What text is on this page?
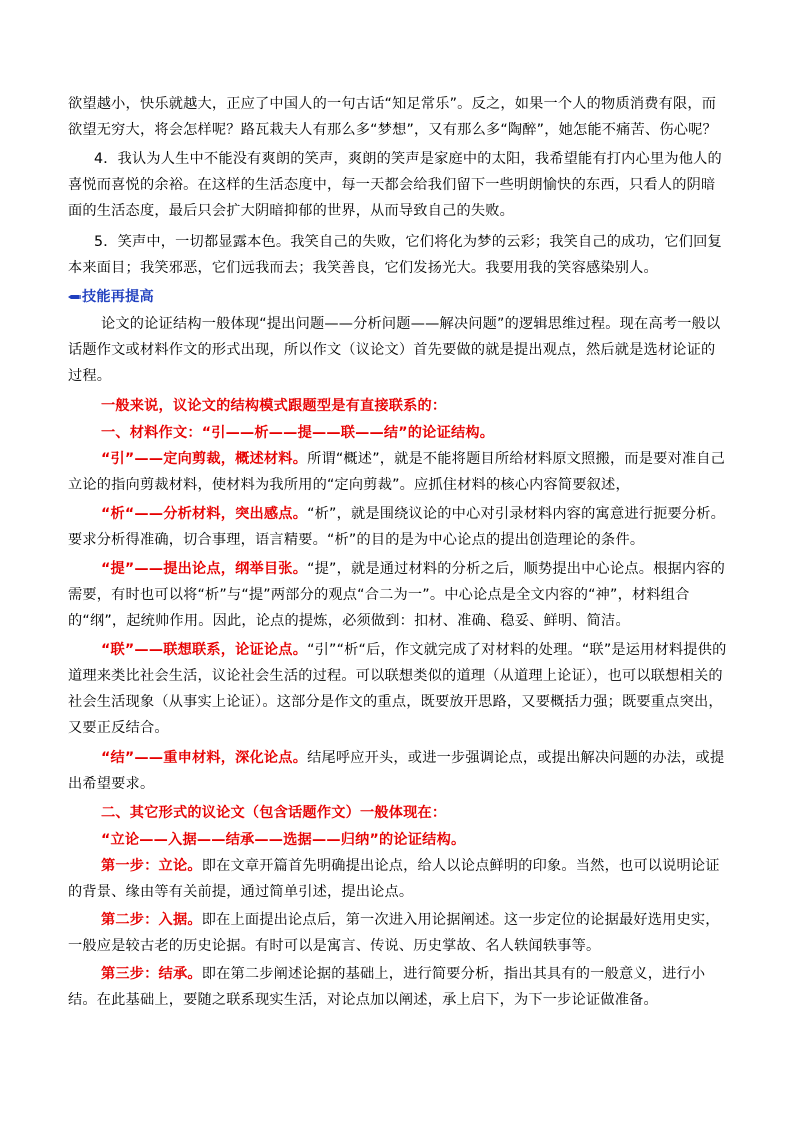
欲望越小，快乐就越大，正应了中国人的一句古话“知足常乐”。反之，如果一个人的物质消费有限，而欲望无穷大，将会怎样呢？路瓦栽夫人有那么多“梦想”，又有那么多“陶醉”，她怎能不痛苦、伤心呢？

4．我认为人生中不能没有爽朗的笑声，爽朗的笑声是家庭中的太阳，我希望能有打内心里为他人的喜悦而喜悦的余裕。在这样的生活态度中，每一天都会给我们留下一些明朗愉快的东西，只看人的阴暗面的生活态度，最后只会扩大阴暗抑郁的世界，从而导致自己的失败。

5．笑声中，一切都显露本色。我笑自己的失败，它们将化为梦的云彩；我笑自己的成功，它们回复本来面目；我笑邪恶，它们远我而去；我笑善良，它们发扬光大。我要用我的笑容感染别人。

技能再提高

论文的论证结构一般体现“提出问题——分析问题——解决问题”的逻辑思维过程。现在高考一般以话题作文或材料作文的形式出现，所以作文（议论文）首先要做的就是提出观点，然后就是选材论证的过程。

一般来说，议论文的结构模式跟题型是有直接联系的：

一、材料作文：“引——析——提——联——结”的论证结构。

“引”——定向剪裁，概述材料。所谓“概述”，就是不能将题目所给材料原文照搬，而是要对准自己立论的指向剪裁材料，使材料为我所用的“定向剪裁”。应抓住材料的核心内容简要叙述，

“析“——分析材料，突出感点。“析”，就是围绕议论的中心对引录材料内容的寓意进行扼要分析。要求分析得准确，切合事理，语言精要。“析”的目的是为中心论点的提出创造理论的条件。

“提”——提出论点，纲举目张。“提”，就是通过材料的分析之后，顺势提出中心论点。根据内容的需要，有时也可以将“析”与“提”两部分的观点“合二为一”。中心论点是全文内容的“神”，材料组合的“纲”，起统帅作用。因此，论点的提炼，必须做到：扣材、准确、稳妥、鲜明、简洁。

“联”——联想联系，论证论点。“引”“析“后，作文就完成了对材料的处理。“联”是运用材料提供的道理来类比社会生活，议论社会生活的过程。可以联想类似的道理（从道理上论证），也可以联想相关的社会生活现象（从事实上论证）。这部分是作文的重点，既要放开思路，又要概括力强；既要重点突出，又要正反结合。

“结”——重申材料，深化论点。结尾呼应开头，或进一步强调论点，或提出解决问题的办法，或提出希望要求。

二、其它形式的议论文（包含话题作文）一般体现在：

“立论——入据——结承——选据——归纳”的论证结构。

第一步：立论。即在文章开篇首先明确提出论点，给人以论点鲜明的印象。当然，也可以说明论证的背景、缘由等有关前提，通过简单引述，提出论点。

第二步：入据。即在上面提出论点后，第一次进入用论据阐述。这一步定位的论据最好选用史实，一般应是较古老的历史论据。有时可以是寓言、传说、历史掌故、名人轶闻轶事等。

第三步：结承。即在第二步阐述论据的基础上，进行简要分析，指出其具有的一般意义，进行小结。在此基础上，要随之联系现实生活，对论点加以阐述，承上启下，为下一步论证做准备。
